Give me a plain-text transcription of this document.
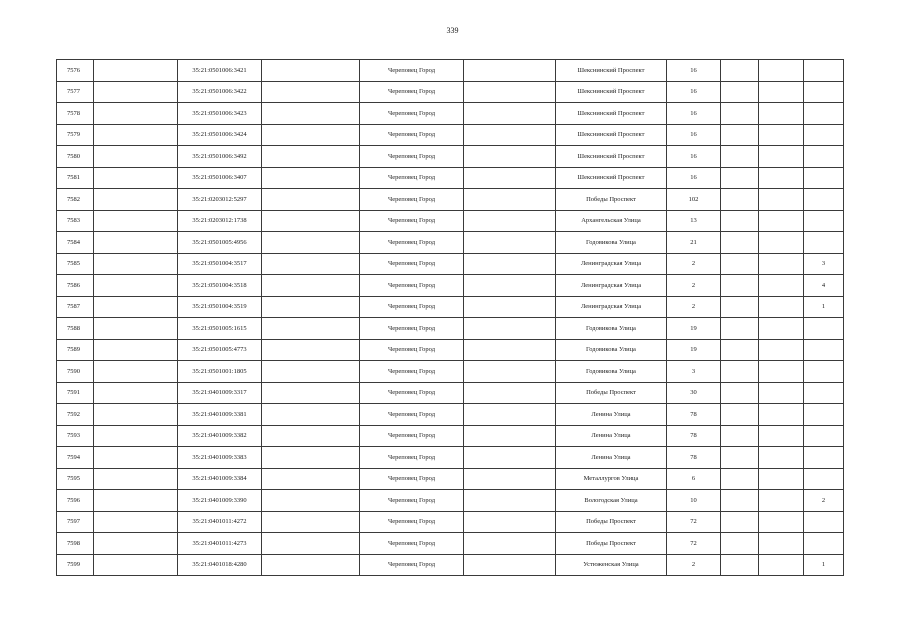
339
7576		35:21:0501006:3421		Череповец Город		Шекснинский Проспект	16			
7577		35:21:0501006:3422		Череповец Город		Шекснинский Проспект	16			
7578		35:21:0501006:3423		Череповец Город		Шекснинский Проспект	16			
7579		35:21:0501006:3424		Череповец Город		Шекснинский Проспект	16			
7580		35:21:0501006:3492		Череповец Город		Шекснинский Проспект	16			
7581		35:21:0501006:3407		Череповец Город		Шекснинский Проспект	16			
7582		35:21:0203012:5297		Череповец Город		Победы Проспект	102			
7583		35:21:0203012:1738		Череповец Город		Архангельская Улица	13			
7584		35:21:0501005:4956		Череповец Город		Годовикова Улица	21			
7585		35:21:0501004:3517		Череповец Город		Ленинградская Улица	2			3
7586		35:21:0501004:3518		Череповец Город		Ленинградская Улица	2			4
7587		35:21:0501004:3519		Череповец Город		Ленинградская Улица	2			1
7588		35:21:0501005:1615		Череповец Город		Годовикова Улица	19			
7589		35:21:0501005:4773		Череповец Город		Годовикова Улица	19			
7590		35:21:0501001:1805		Череповец Город		Годовикова Улица	3			
7591		35:21:0401009:3317		Череповец Город		Победы Проспект	30			
7592		35:21:0401009:3381		Череповец Город		Ленина Улица	78			
7593		35:21:0401009:3382		Череповец Город		Ленина Улица	78			
7594		35:21:0401009:3383		Череповец Город		Ленина Улица	78			
7595		35:21:0401009:3384		Череповец Город		Металлургов Улица	6			
7596		35:21:0401009:3390		Череповец Город		Вологодская Улица	10			2
7597		35:21:0401011:4272		Череповец Город		Победы Проспект	72			
7598		35:21:0401011:4273		Череповец Город		Победы Проспект	72			
7599		35:21:0401018:4280		Череповец Город		Устюженская Улица	2			1
